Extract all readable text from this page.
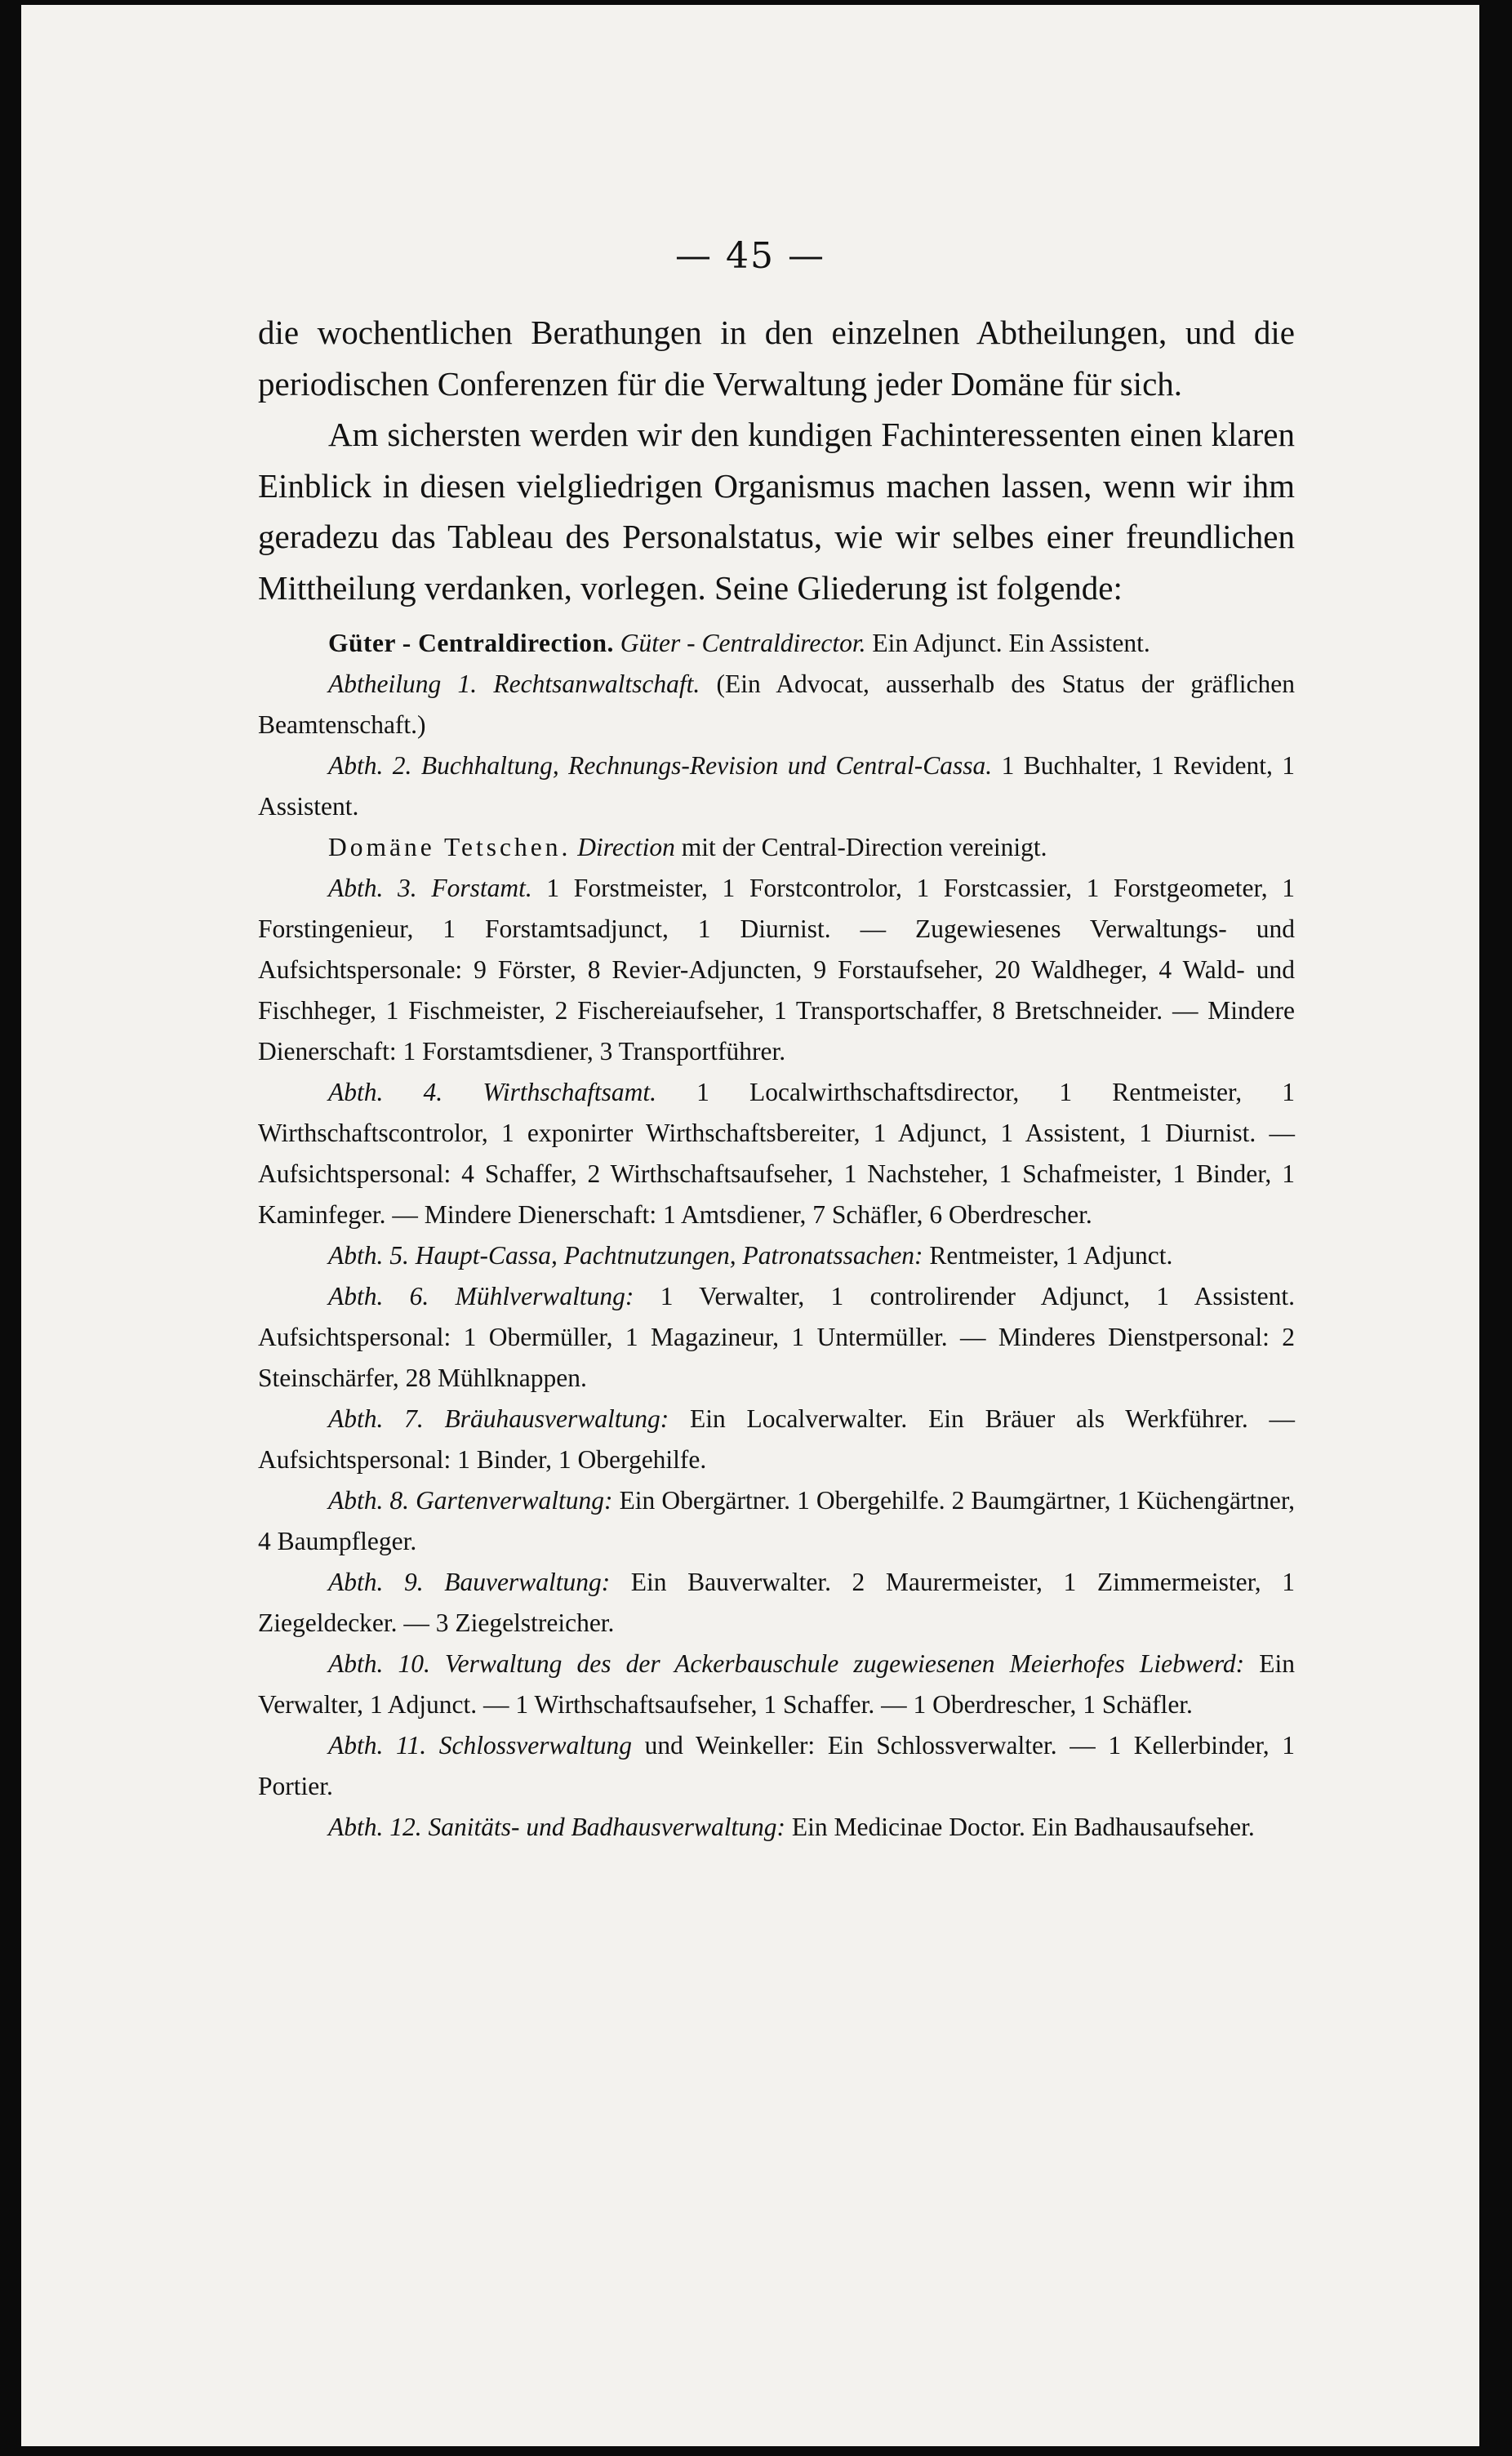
— 45 —

die wochentlichen Berathungen in den einzelnen Abtheilungen, und die periodischen Conferenzen für die Verwaltung jeder Domäne für sich.

Am sichersten werden wir den kundigen Fachinteressenten einen klaren Einblick in diesen vielgliedrigen Organismus machen lassen, wenn wir ihm geradezu das Tableau des Personalstatus, wie wir selbes einer freundlichen Mittheilung verdanken, vorlegen. Seine Gliederung ist folgende:

Güter - Centraldirection. Güter - Centraldirector. Ein Adjunct. Ein Assistent.

Abtheilung 1. Rechtsanwaltschaft. (Ein Advocat, ausserhalb des Status der gräflichen Beamtenschaft.)

Abth. 2. Buchhaltung, Rechnungs-Revision und Central-Cassa. 1 Buchhalter, 1 Revident, 1 Assistent.

Domäne Tetschen. Direction mit der Central-Direction vereinigt.

Abth. 3. Forstamt. 1 Forstmeister, 1 Forstcontrolor, 1 Forstcassier, 1 Forstgeometer, 1 Forstingenieur, 1 Forstamtsadjunct, 1 Diurnist. — Zugewiesenes Verwaltungs- und Aufsichtspersonale: 9 Förster, 8 Revier-Adjuncten, 9 Forstaufseher, 20 Waldheger, 4 Wald- und Fischheger, 1 Fischmeister, 2 Fischereiaufseher, 1 Transportschaffer, 8 Bretschneider. — Mindere Dienerschaft: 1 Forstamtsdiener, 3 Transportführer.

Abth. 4. Wirthschaftsamt. 1 Localwirthschaftsdirector, 1 Rentmeister, 1 Wirthschaftscontrolor, 1 exponirter Wirthschaftsbereiter, 1 Adjunct, 1 Assistent, 1 Diurnist. — Aufsichtspersonal: 4 Schaffer, 2 Wirthschaftsaufseher, 1 Nachsteher, 1 Schafmeister, 1 Binder, 1 Kaminfeger. — Mindere Dienerschaft: 1 Amtsdiener, 7 Schäfler, 6 Oberdrescher.

Abth. 5. Haupt-Cassa, Pachtnutzungen, Patronatssachen: Rentmeister, 1 Adjunct.

Abth. 6. Mühlverwaltung: 1 Verwalter, 1 controlirender Adjunct, 1 Assistent. Aufsichtspersonal: 1 Obermüller, 1 Magazineur, 1 Untermüller. — Minderes Dienstpersonal: 2 Steinschärfer, 28 Mühlknappen.

Abth. 7. Bräuhausverwaltung: Ein Localverwalter. Ein Bräuer als Werkführer. — Aufsichtspersonal: 1 Binder, 1 Obergehilfe.

Abth. 8. Gartenverwaltung: Ein Obergärtner. 1 Obergehilfe. 2 Baumgärtner, 1 Küchengärtner, 4 Baumpfleger.

Abth. 9. Bauverwaltung: Ein Bauverwalter. 2 Maurermeister, 1 Zimmermeister, 1 Ziegeldecker. — 3 Ziegelstreicher.

Abth. 10. Verwaltung des der Ackerbauschule zugewiesenen Meierhofes Liebwerd: Ein Verwalter, 1 Adjunct. — 1 Wirthschaftsaufseher, 1 Schaffer. — 1 Oberdrescher, 1 Schäfler.

Abth. 11. Schlossverwaltung und Weinkeller: Ein Schlossverwalter. — 1 Kellerbinder, 1 Portier.

Abth. 12. Sanitäts- und Badhausverwaltung: Ein Medicinae Doctor. Ein Badhausaufseher.
